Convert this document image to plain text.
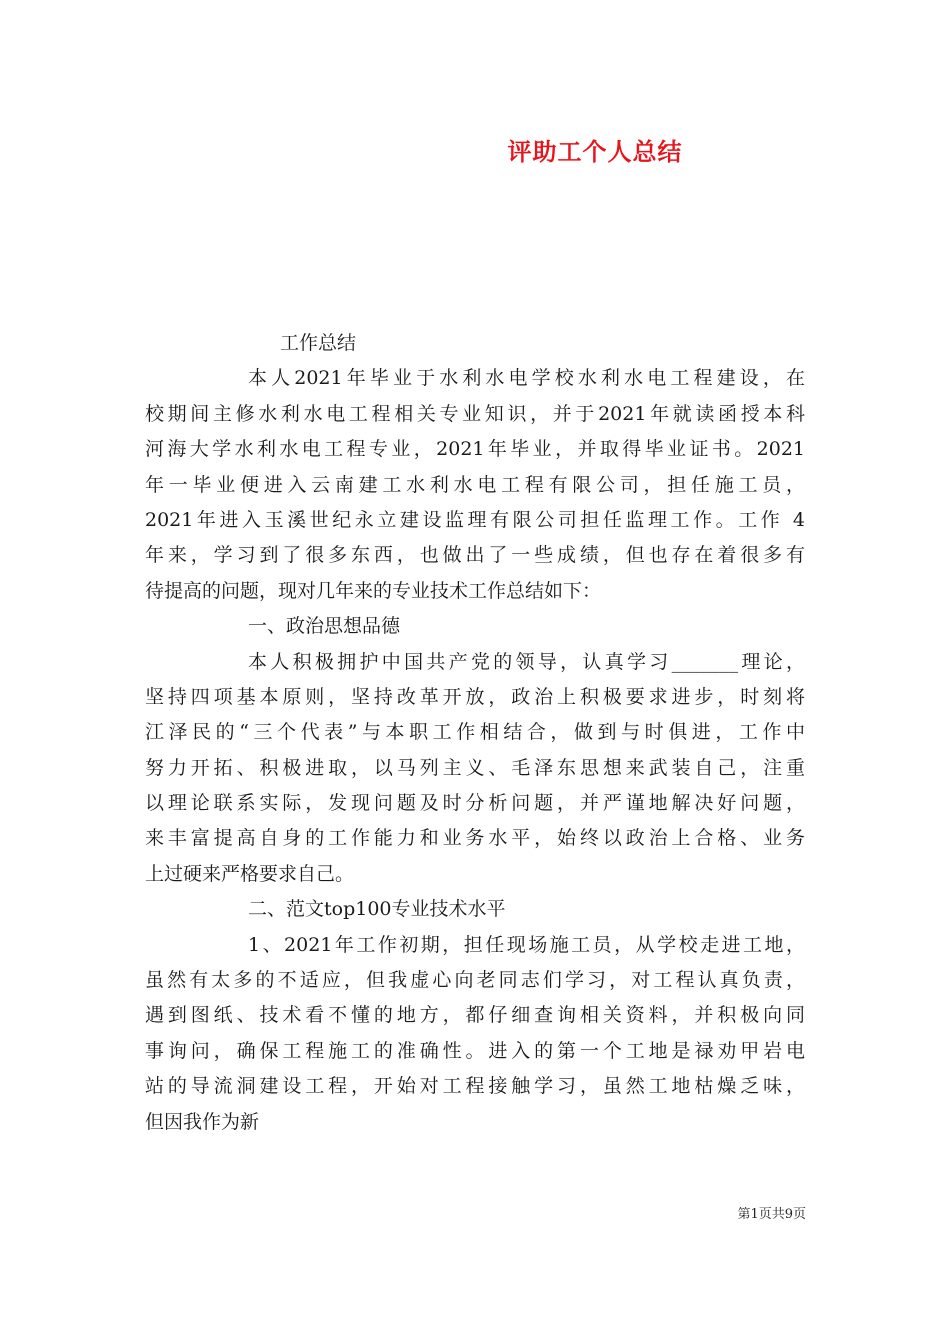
评助工个人总结
工作总结
本人2021年毕业于水利水电学校水利水电工程建设，在
校期间主修水利水电工程相关专业知识，并于2021年就读函授本科
河海大学水利水电工程专业，2021年毕业，并取得毕业证书。2021
年一毕业便进入云南建工水利水电工程有限公司，担任施工员，
2021年进入玉溪世纪永立建设监理有限公司担任监理工作。工作 4
年来，学习到了很多东西，也做出了一些成绩，但也存在着很多有
待提高的问题，现对几年来的专业技术工作总结如下：
一、政治思想品德
本人积极拥护中国共产党的领导，认真学习_______理论，
坚持四项基本原则，坚持改革开放，政治上积极要求进步，时刻将
江泽民的“三个代表”与本职工作相结合，做到与时俱进，工作中
努力开拓、积极进取，以马列主义、毛泽东思想来武装自己，注重
以理论联系实际，发现问题及时分析问题，并严谨地解决好问题，
来丰富提高自身的工作能力和业务水平，始终以政治上合格、业务
上过硬来严格要求自己。
二、范文top100专业技术水平
1、2021年工作初期，担任现场施工员，从学校走进工地，
虽然有太多的不适应，但我虚心向老同志们学习，对工程认真负责，
遇到图纸、技术看不懂的地方，都仔细查询相关资料，并积极向同
事询问，确保工程施工的准确性。进入的第一个工地是禄劝甲岩电
站的导流洞建设工程，开始对工程接触学习，虽然工地枯燥乏味，
但因我作为新
第1页共9页
